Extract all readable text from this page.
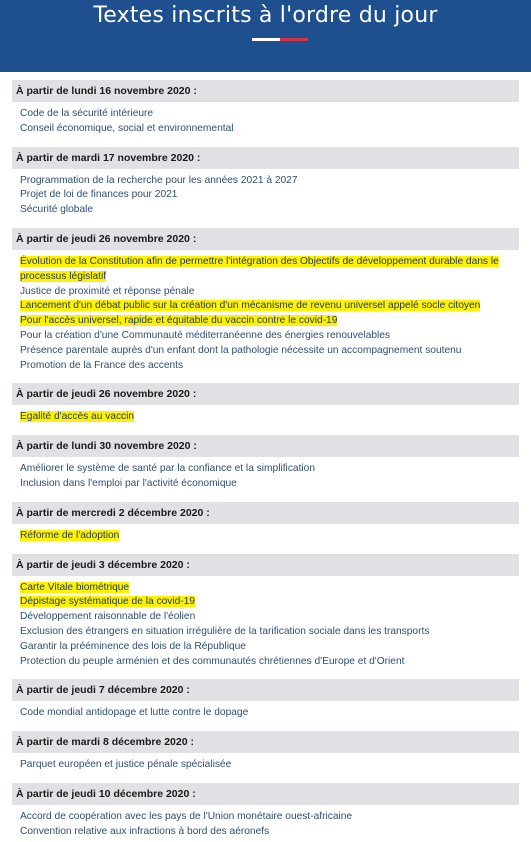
Textes inscrits à l'ordre du jour
À partir de lundi 16 novembre 2020 :
Code de la sécurité intérieure
Conseil économique, social et environnemental
À partir de mardi 17 novembre 2020 :
Programmation de la recherche pour les années 2021 à 2027
Projet de loi de finances pour 2021
Sécurité globale
À partir de jeudi 26 novembre 2020 :
Évolution de la Constitution afin de permettre l'intégration des Objectifs de développement durable dans le processus législatif
Justice de proximité et réponse pénale
Lancement d'un débat public sur la création d'un mécanisme de revenu universel appelé socle citoyen
Pour l'accès universel, rapide et équitable du vaccin contre le covid-19
Pour la création d'une Communauté méditerranéenne des énergies renouvelables
Présence parentale auprès d'un enfant dont la pathologie nécessite un accompagnement soutenu
Promotion de la France des accents
À partir de jeudi 26 novembre 2020 :
Egalité d'accès au vaccin
À partir de lundi 30 novembre 2020 :
Améliorer le système de santé par la confiance et la simplification
Inclusion dans l'emploi par l'activité économique
À partir de mercredi 2 décembre 2020 :
Réforme de l'adoption
À partir de jeudi 3 décembre 2020 :
Carte Vitale biométrique
Dépistage systématique de la covid-19
Développement raisonnable de l'éolien
Exclusion des étrangers en situation irrégulière de la tarification sociale dans les transports
Garantir la prééminence des lois de la République
Protection du peuple arménien et des communautés chrétiennes d'Europe et d'Orient
À partir de jeudi 7 décembre 2020 :
Code mondial antidopage et lutte contre le dopage
À partir de mardi 8 décembre 2020 :
Parquet européen et justice pénale spécialisée
À partir de jeudi 10 décembre 2020 :
Accord de coopération avec les pays de l'Union monétaire ouest-africaine
Convention relative aux infractions à bord des aéronefs
